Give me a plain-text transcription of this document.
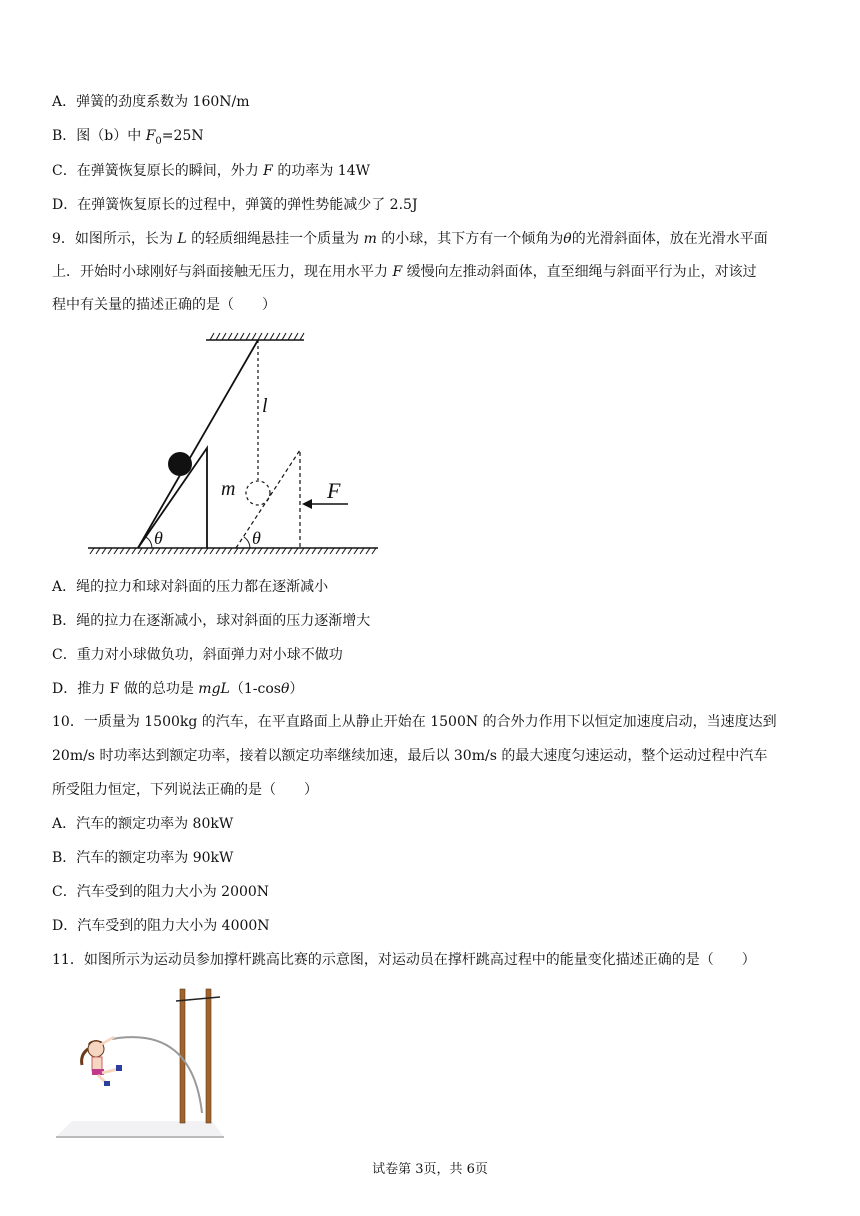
A．弹簧的劲度系数为 160N/m
B．图（b）中 $F_0=25N$
C．在弹簧恢复原长的瞬间，外力 F 的功率为 14W
D．在弹簧恢复原长的过程中，弹簧的弹性势能减少了 2.5J
9．如图所示，长为 L 的轻质细绳悬挂一个质量为 m 的小球，其下方有一个倾角为θ的光滑斜面体，放在光滑水平面
上．开始时小球刚好与斜面接触无压力，现在用水平力 F 缓慢向左推动斜面体，直至细绳与斜面平行为止，对该过
程中有关量的描述正确的是（　　）
l
m	F
θ	θ
A．绳的拉力和球对斜面的压力都在逐渐减小
B．绳的拉力在逐渐减小，球对斜面的压力逐渐增大
C．重力对小球做负功，斜面弹力对小球不做功
D．推力 F 做的总功是 mgL（1-cosθ）
10．一质量为 1500kg 的汽车，在平直路面上从静止开始在 1500N 的合外力作用下以恒定加速度启动，当速度达到
20m/s 时功率达到额定功率，接着以额定功率继续加速，最后以 30m/s 的最大速度匀速运动，整个运动过程中汽车
所受阻力恒定，下列说法正确的是（　　）
A．汽车的额定功率为 80kW
B．汽车的额定功率为 90kW
C．汽车受到的阻力大小为 2000N
D．汽车受到的阻力大小为 4000N
11．如图所示为运动员参加撑杆跳高比赛的示意图，对运动员在撑杆跳高过程中的能量变化描述正确的是（　　）
试卷第 3页，共 6页
